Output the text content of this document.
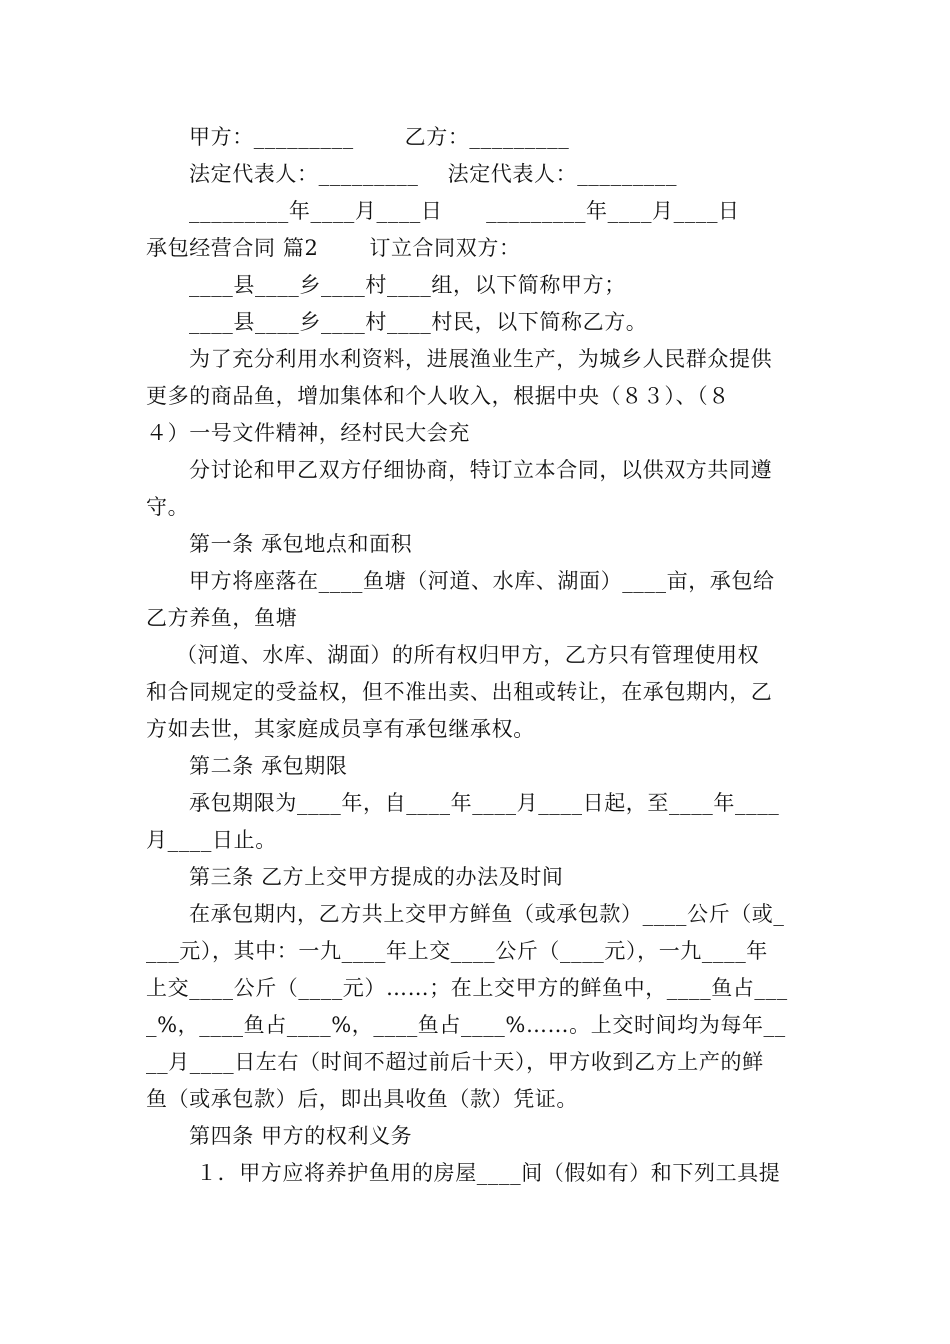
甲方：_________       乙方：_________
法定代表人：_________    法定代表人：_________
_________年____月____日      _________年____月____日
承包经营合同 篇2       订立合同双方：
____县____乡____村____组，以下简称甲方；
____县____乡____村____村民，以下简称乙方。
为了充分利用水利资料，进展渔业生产，为城乡人民群众提供
更多的商品鱼，增加集体和个人收入，根据中央（８３）、（８
４）一号文件精神，经村民大会充
分讨论和甲乙双方仔细协商，特订立本合同，以供双方共同遵
守。
第一条 承包地点和面积
甲方将座落在____鱼塘（河道、水库、湖面）____亩，承包给
乙方养鱼，鱼塘
（河道、水库、湖面）的所有权归甲方，乙方只有管理使用权
和合同规定的受益权，但不准出卖、出租或转让，在承包期内，乙
方如去世，其家庭成员享有承包继承权。
第二条 承包期限
承包期限为____年，自____年____月____日起，至____年____
月____日止。
第三条 乙方上交甲方提成的办法及时间
在承包期内，乙方共上交甲方鲜鱼（或承包款）____公斤（或_
___元），其中：一九____年上交____公斤（____元），一九____年
上交____公斤（____元）……；在上交甲方的鲜鱼中，____鱼占___
_%，____鱼占____%，____鱼占____%……。上交时间均为每年__
__月____日左右（时间不超过前后十天），甲方收到乙方上产的鲜
鱼（或承包款）后，即出具收鱼（款）凭证。
第四条 甲方的权利义务
１．甲方应将养护鱼用的房屋____间（假如有）和下列工具提
